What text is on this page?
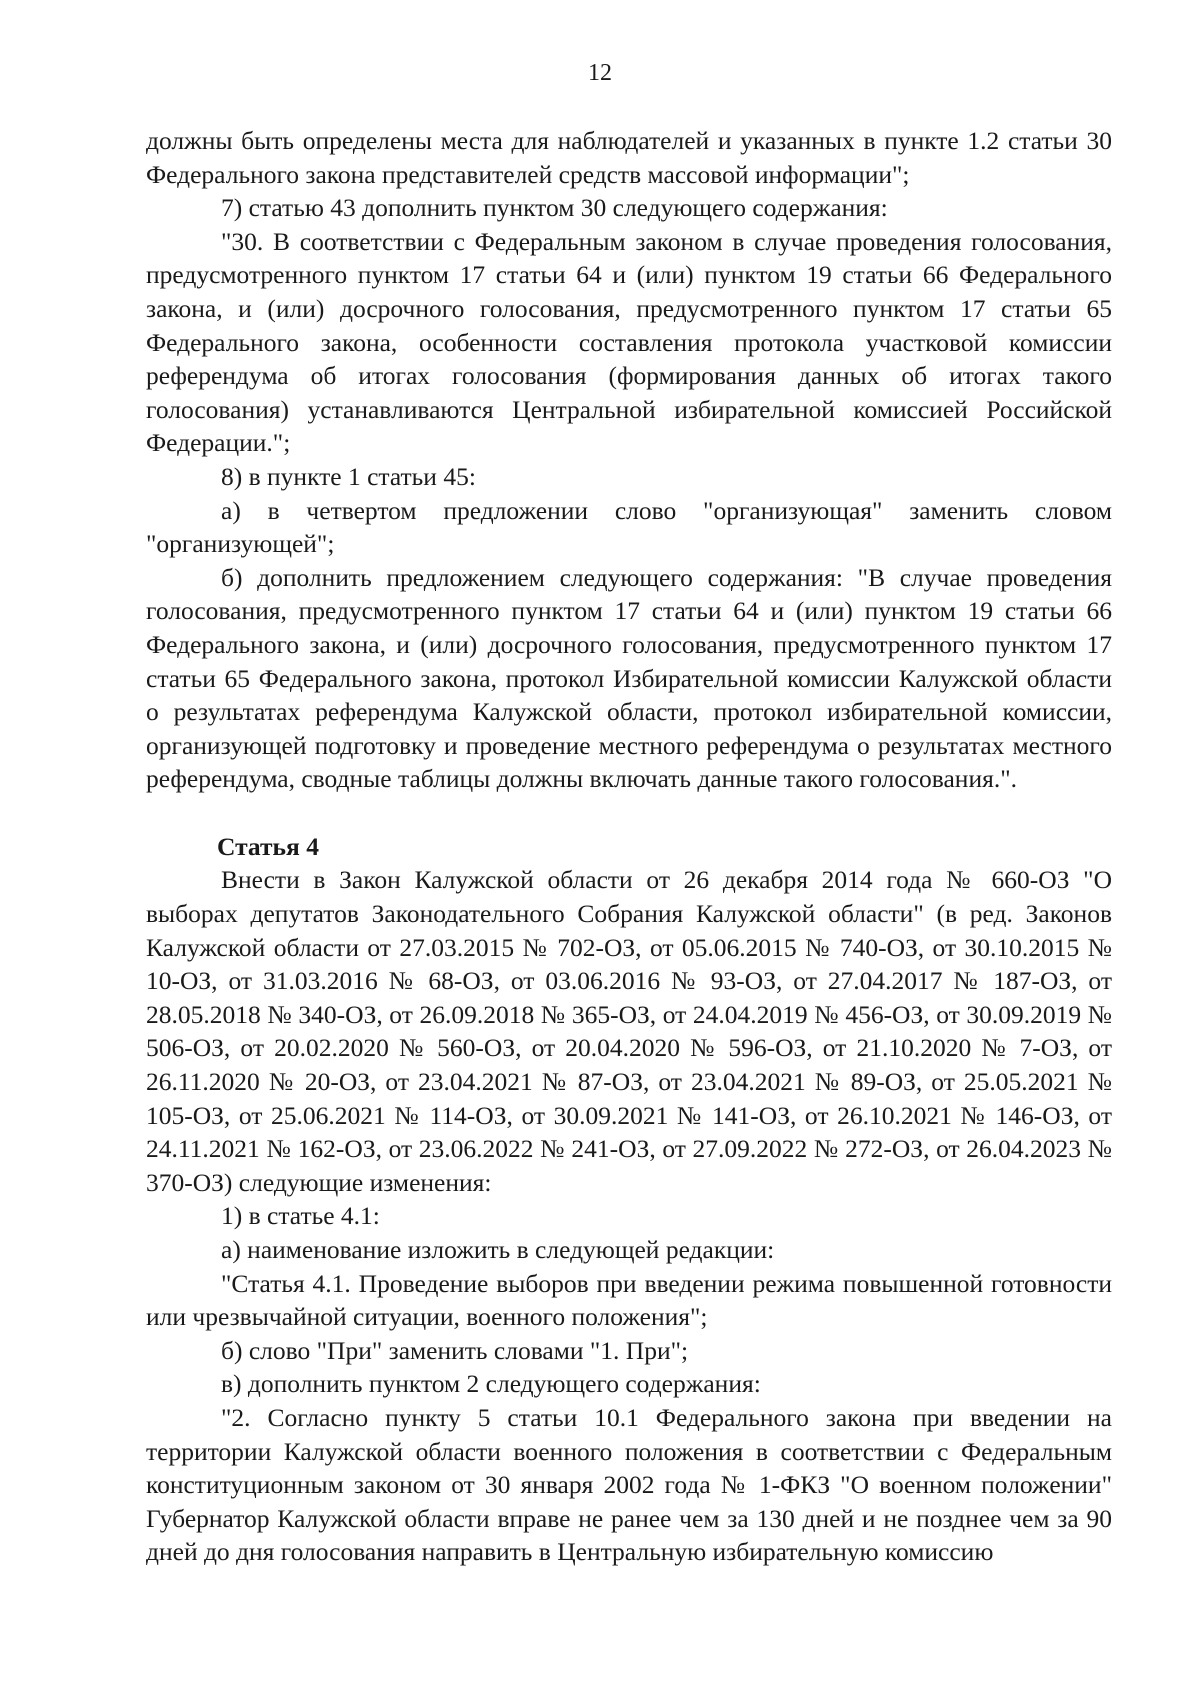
12

должны быть определены места для наблюдателей и указанных в пункте 1.2 статьи 30 Федерального закона представителей средств массовой информации";

7) статью 43 дополнить пунктом 30 следующего содержания:

"30. В соответствии с Федеральным законом в случае проведения голосования, предусмотренного пунктом 17 статьи 64 и (или) пунктом 19 статьи 66 Федерального закона, и (или) досрочного голосования, предусмотренного пунктом 17 статьи 65 Федерального закона, особенности составления протокола участковой комиссии референдума об итогах голосования (формирования данных об итогах такого голосования) устанавливаются Центральной избирательной комиссией Российской Федерации.";

8) в пункте 1 статьи 45:

а) в четвертом предложении слово "организующая" заменить словом "организующей";

б) дополнить предложением следующего содержания: "В случае проведения голосования, предусмотренного пунктом 17 статьи 64 и (или) пунктом 19 статьи 66 Федерального закона, и (или) досрочного голосования, предусмотренного пунктом 17 статьи 65 Федерального закона, протокол Избирательной комиссии Калужской области о результатах референдума Калужской области, протокол избирательной комиссии, организующей подготовку и проведение местного референдума о результатах местного референдума, сводные таблицы должны включать данные такого голосования.".

Статья 4

Внести в Закон Калужской области от 26 декабря 2014 года № 660-ОЗ "О выборах депутатов Законодательного Собрания Калужской области" (в ред. Законов Калужской области от 27.03.2015 № 702-ОЗ, от 05.06.2015 № 740-ОЗ, от 30.10.2015 № 10-ОЗ, от 31.03.2016 № 68-ОЗ, от 03.06.2016 № 93-ОЗ, от 27.04.2017 № 187-ОЗ, от 28.05.2018 № 340-ОЗ, от 26.09.2018 № 365-ОЗ, от 24.04.2019 № 456-ОЗ, от 30.09.2019 № 506-ОЗ, от 20.02.2020 № 560-ОЗ, от 20.04.2020 № 596-ОЗ, от 21.10.2020 № 7-ОЗ, от 26.11.2020 № 20-ОЗ, от 23.04.2021 № 87-ОЗ, от 23.04.2021 № 89-ОЗ, от 25.05.2021 № 105-ОЗ, от 25.06.2021 № 114-ОЗ, от 30.09.2021 № 141-ОЗ, от 26.10.2021 № 146-ОЗ, от 24.11.2021 № 162-ОЗ, от 23.06.2022 № 241-ОЗ, от 27.09.2022 № 272-ОЗ, от 26.04.2023 № 370-ОЗ) следующие изменения:

1) в статье 4.1:

а) наименование изложить в следующей редакции:

"Статья 4.1. Проведение выборов при введении режима повышенной готовности или чрезвычайной ситуации, военного положения";

б) слово "При" заменить словами "1. При";

в) дополнить пунктом 2 следующего содержания:

"2. Согласно пункту 5 статьи 10.1 Федерального закона при введении на территории Калужской области военного положения в соответствии с Федеральным конституционным законом от 30 января 2002 года № 1-ФКЗ "О военном положении" Губернатор Калужской области вправе не ранее чем за 130 дней и не позднее чем за 90 дней до дня голосования направить в Центральную избирательную комиссию
